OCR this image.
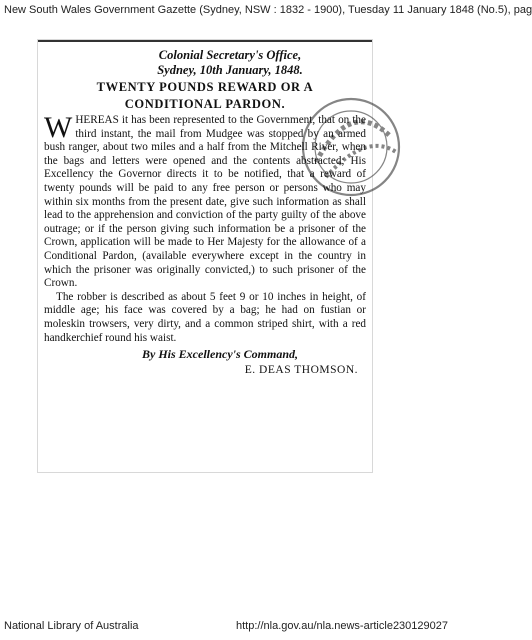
New South Wales Government Gazette (Sydney, NSW : 1832 - 1900), Tuesday 11 January 1848 (No.5), pag
Colonial Secretary's Office,
Sydney, 10th January, 1848.
TWENTY POUNDS REWARD OR A
CONDITIONAL PARDON.

WHEREAS it has been represented to the Government, that on the third instant, the mail from Mudgee was stopped by an armed bush ranger, about two miles and a half from the Mitchell River, when the bags and letters were opened and the contents abstracted; His Excellency the Governor directs it to be notified, that a reward of twenty pounds will be paid to any free person or persons who may within six months from the present date, give such information as shall lead to the apprehension and conviction of the party guilty of the above outrage; or if the person giving such information be a prisoner of the Crown, application will be made to Her Majesty for the allowance of a Conditional Pardon, (available everywhere except in the country in which the prisoner was originally convicted,) to such prisoner of the Crown.

The robber is described as about 5 feet 9 or 10 inches in height, of middle age; his face was covered by a bag; he had on fustian or moleskin trowsers, very dirty, and a common striped shirt, with a red handkerchief round his waist.

By His Excellency's Command,
E. DEAS THOMSON.
National Library of Australia	http://nla.gov.au/nla.news-article230129027
